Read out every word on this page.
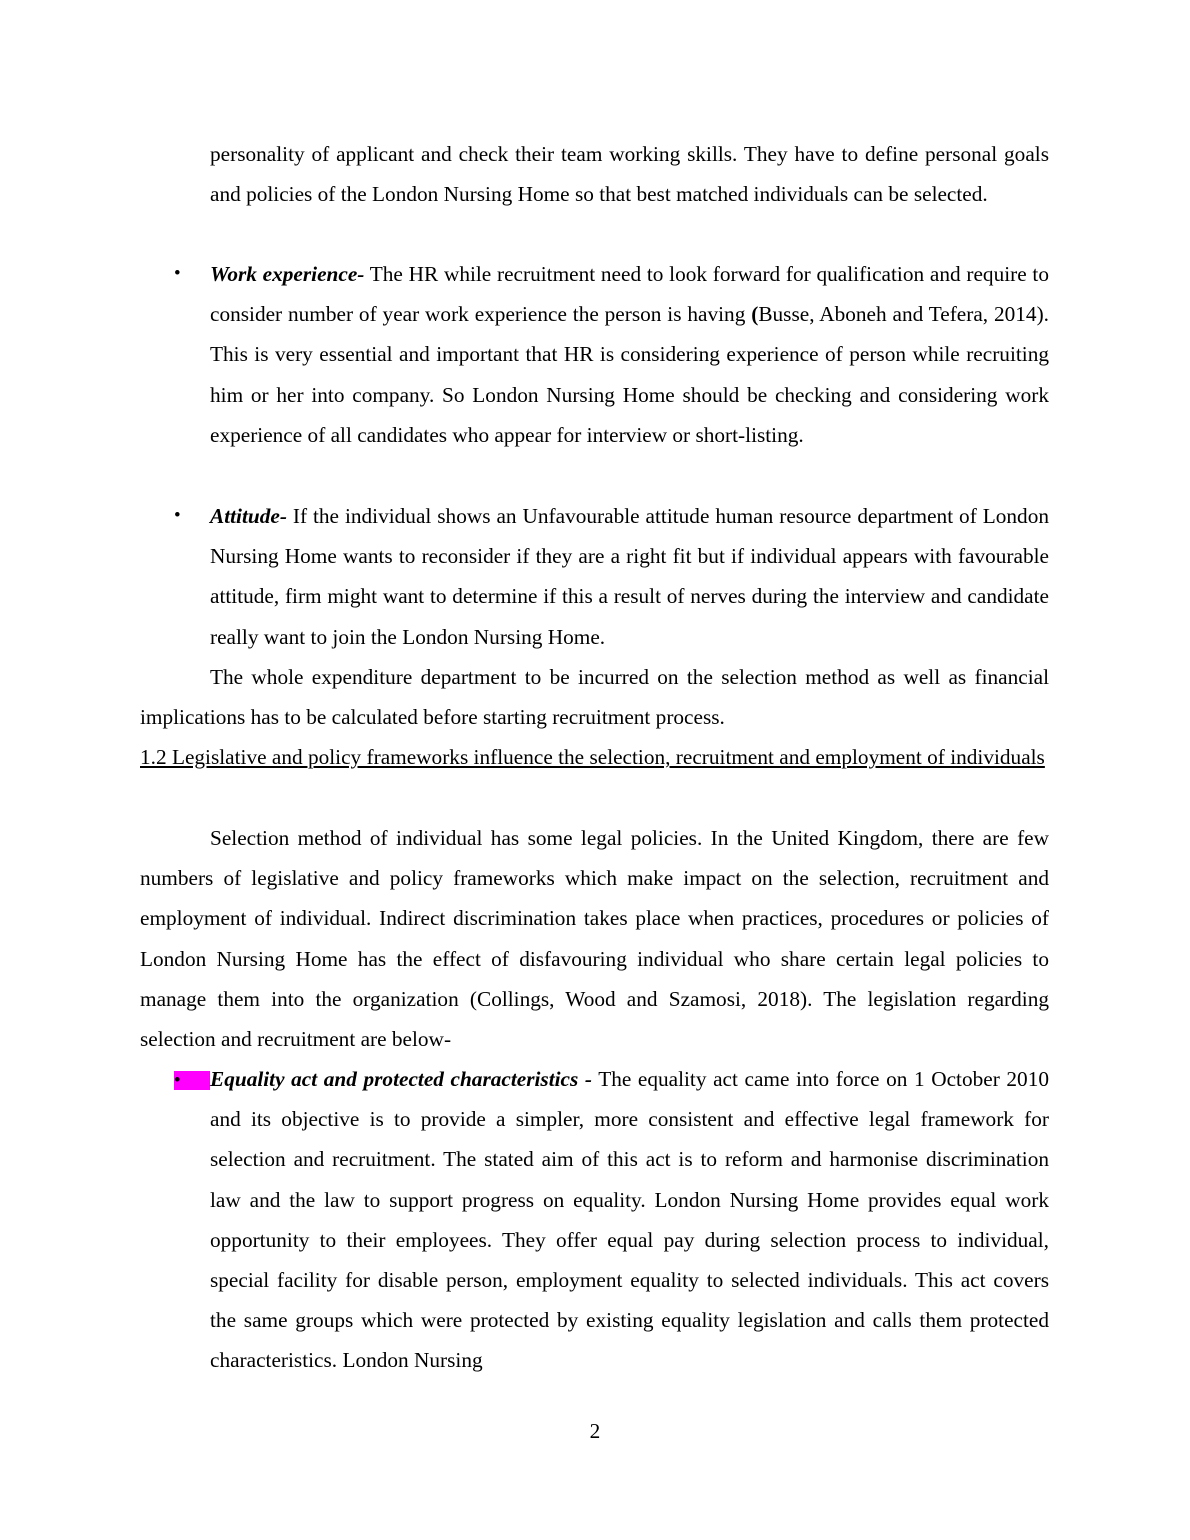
personality of applicant and check their team working skills. They have to define personal goals and policies of the London Nursing Home so that best matched individuals can be selected.
•	Work experience- The HR while recruitment need to look forward for qualification and require to consider number of year work experience the person is having (Busse, Aboneh and Tefera, 2014). This is very essential and important that HR is considering experience of person while recruiting him or her into company. So London Nursing Home should be checking and considering work experience of all candidates who appear for interview or short-listing.
•	Attitude- If the individual shows an Unfavourable attitude human resource department of London Nursing Home wants to reconsider if they are a right fit but if individual appears with favourable attitude, firm might want to determine if this a result of nerves during the interview and candidate really want to join the London Nursing Home.
The whole expenditure department to be incurred on the selection method as well as financial implications has to be calculated before starting recruitment process.
1.2 Legislative and policy frameworks influence the selection, recruitment and employment of individuals
Selection method of individual has some legal policies. In the United Kingdom, there are few numbers of legislative and policy frameworks which make impact on the selection, recruitment and employment of individual. Indirect discrimination takes place when practices, procedures or policies of London Nursing Home has the effect of disfavouring individual who share certain legal policies to manage them into the organization (Collings, Wood and Szamosi, 2018). The legislation regarding selection and recruitment are below-
•	Equality act and protected characteristics - The equality act came into force on 1 October 2010 and its objective is to provide a simpler, more consistent and effective legal framework for selection and recruitment. The stated aim of this act is to reform and harmonise discrimination law and the law to support progress on equality. London Nursing Home provides equal work opportunity to their employees. They offer equal pay during selection process to individual, special facility for disable person, employment equality to selected individuals. This act covers the same groups which were protected by existing equality legislation and calls them protected characteristics. London Nursing
2
